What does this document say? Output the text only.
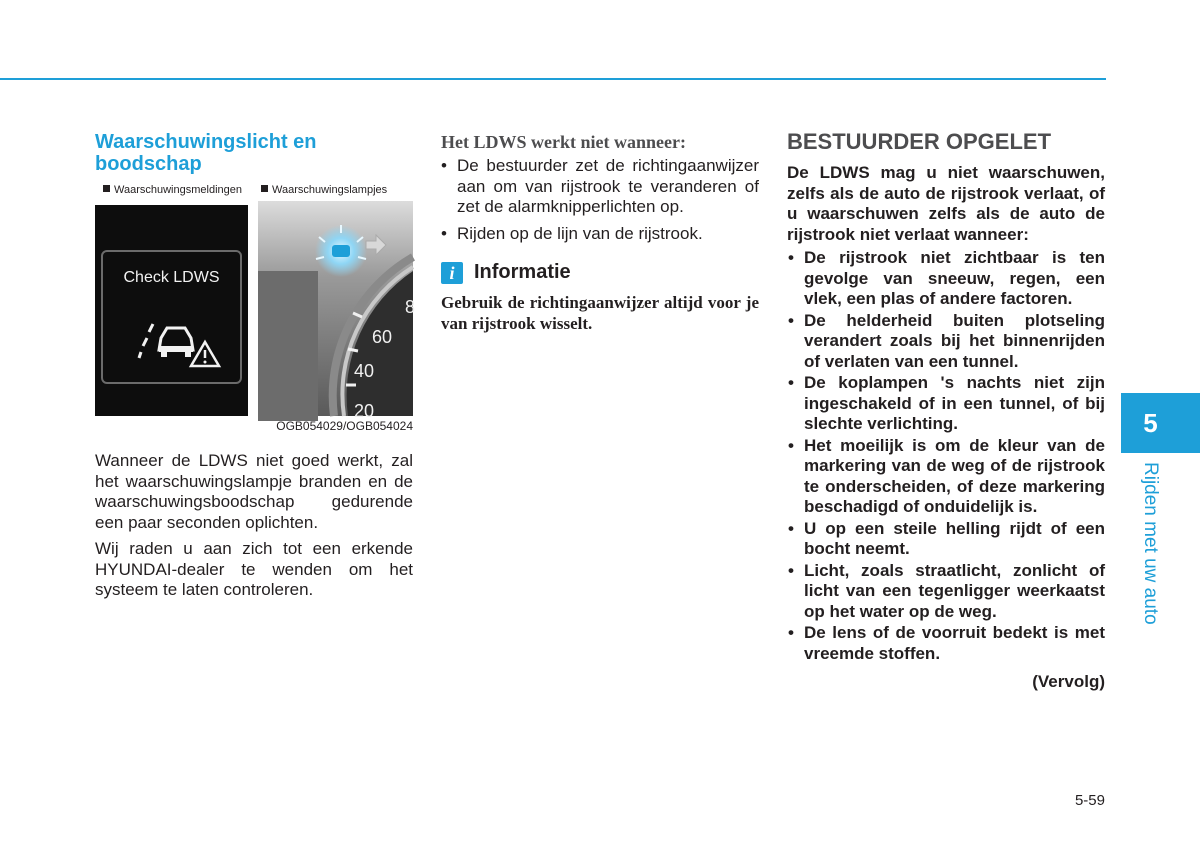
Waarschuwingslicht en boodschap
Waarschuwingsmeldingen	Waarschuwingslampjes
Check LDWS
8
60
40
20
OGB054029/OGB054024

Wanneer de LDWS niet goed werkt, zal het waarschuwingslampje branden en de waarschuwingsboodschap gedurende een paar seconden oplichten.

Wij raden u aan zich tot een erkende HYUNDAI-dealer te wenden om het systeem te laten controleren.

Het LDWS werkt niet wanneer:
• De bestuurder zet de richtingaanwijzer aan om van rijstrook te veranderen of zet de alarmknipperlichten op.
• Rijden op de lijn van de rijstrook.
i Informatie

Gebruik de richtingaanwijzer altijd voor je van rijstrook wisselt.

BESTUURDER OPGELET

De LDWS mag u niet waarschuwen, zelfs als de auto de rijstrook verlaat, of u waarschuwen zelfs als de auto de rijstrook niet verlaat wanneer:

• De rijstrook niet zichtbaar is ten gevolge van sneeuw, regen, een vlek, een plas of andere factoren.
• De helderheid buiten plotseling verandert zoals bij het binnenrijden of verlaten van een tunnel.
• De koplampen 's nachts niet zijn ingeschakeld of in een tunnel, of bij slechte verlichting.
• Het moeilijk is om de kleur van de markering van de weg of de rijstrook te onderscheiden, of deze markering beschadigd of onduidelijk is.
• U op een steile helling rijdt of een bocht neemt.
• Licht, zoals straatlicht, zonlicht of licht van een tegenligger weerkaatst op het water op de weg.
• De lens of de voorruit bedekt is met vreemde stoffen.

(Vervolg)

5
Rijden met uw auto
5-59
